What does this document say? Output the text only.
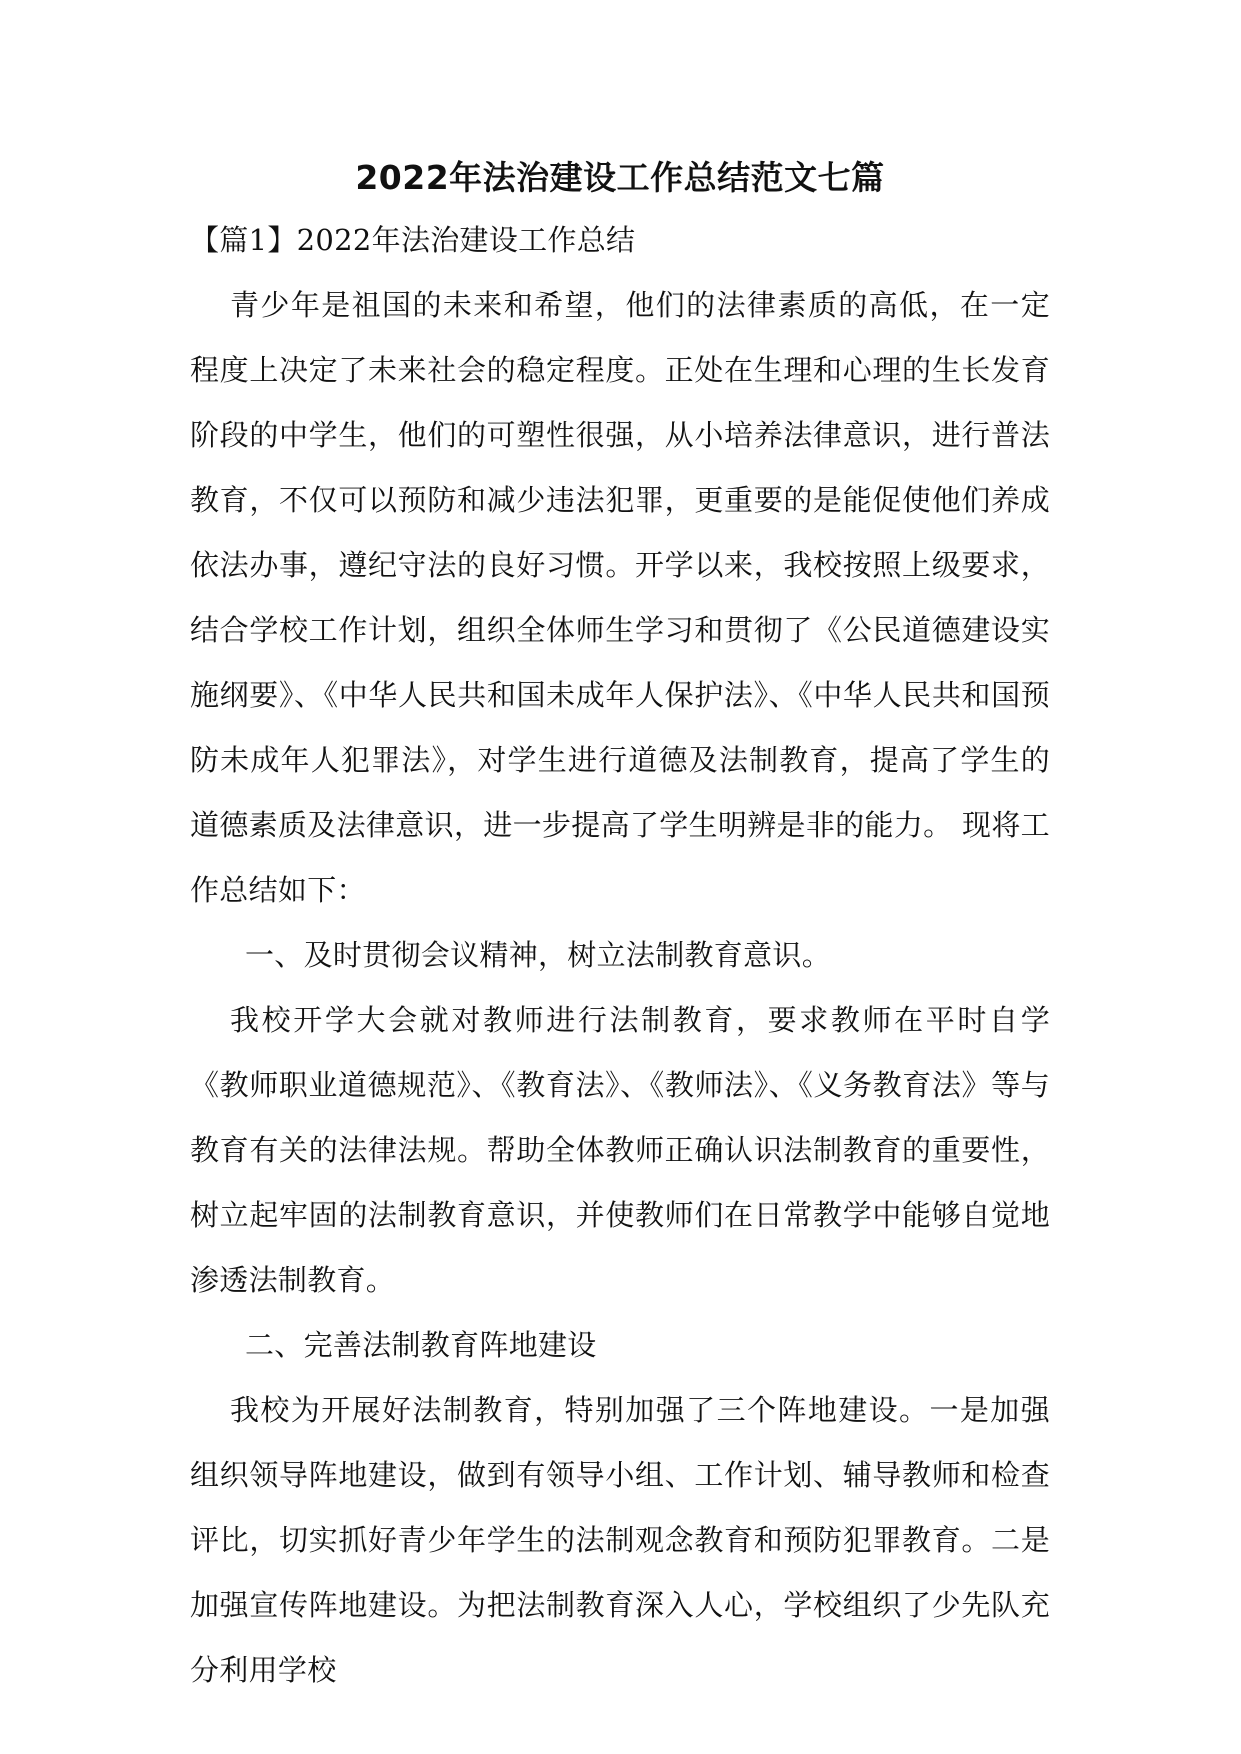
2022年法治建设工作总结范文七篇

【篇1】2022年法治建设工作总结

青少年是祖国的未来和希望，他们的法律素质的高低，在一定程度上决定了未来社会的稳定程度。正处在生理和心理的生长发育阶段的中学生，他们的可塑性很强，从小培养法律意识，进行普法教育，不仅可以预防和减少违法犯罪，更重要的是能促使他们养成依法办事，遵纪守法的良好习惯。开学以来，我校按照上级要求，结合学校工作计划，组织全体师生学习和贯彻了《公民道德建设实施纲要》、《中华人民共和国未成年人保护法》、《中华人民共和国预防未成年人犯罪法》，对学生进行道德及法制教育，提高了学生的道德素质及法律意识，进一步提高了学生明辨是非的能力。 现将工作总结如下：

一、及时贯彻会议精神，树立法制教育意识。

我校开学大会就对教师进行法制教育，要求教师在平时自学《教师职业道德规范》、《教育法》、《教师法》、《义务教育法》等与教育有关的法律法规。帮助全体教师正确认识法制教育的重要性，树立起牢固的法制教育意识，并使教师们在日常教学中能够自觉地渗透法制教育。

二、完善法制教育阵地建设

我校为开展好法制教育，特别加强了三个阵地建设。一是加强组织领导阵地建设，做到有领导小组、工作计划、辅导教师和检查评比，切实抓好青少年学生的法制观念教育和预防犯罪教育。二是加强宣传阵地建设。为把法制教育深入人心，学校组织了少先队充分利用学校
